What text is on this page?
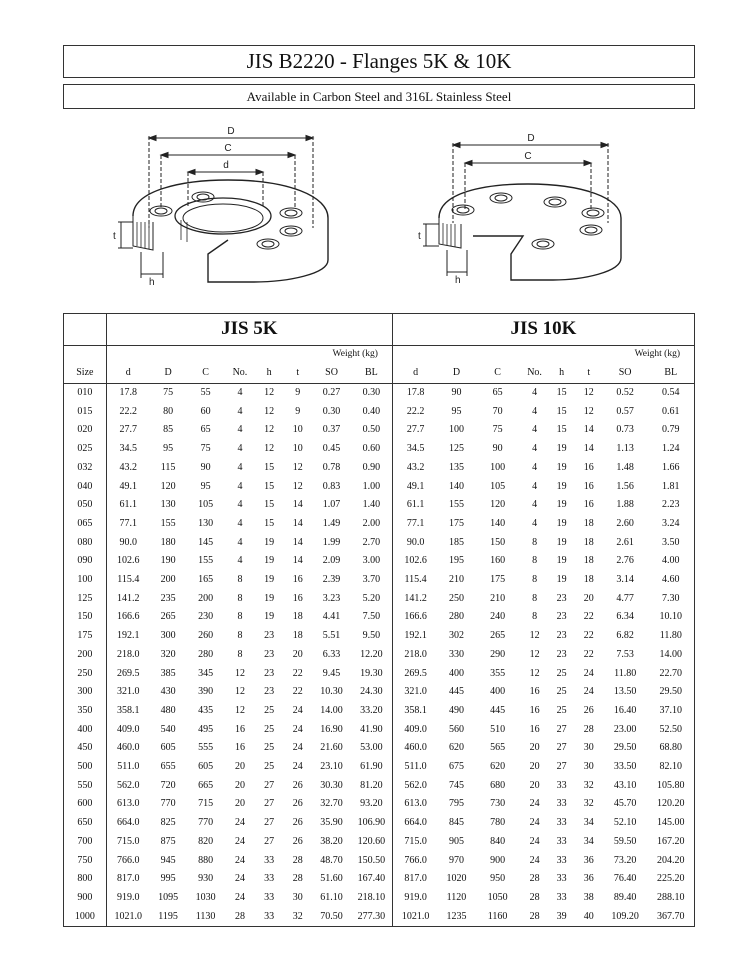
JIS B2220 - Flanges 5K & 10K
Available in Carbon Steel and 316L Stainless Steel
D
C
d
t
h
D
C
t
h
	JIS 5K								JIS 10K							
	Weight (kg)								Weight (kg)							
Size	d	D	C	No.	h	t	SO	BL	d	D	C	No.	h	t	SO	BL
010	17.8	75	55	4	12	9	0.27	0.30	17.8	90	65	4	15	12	0.52	0.54
015	22.2	80	60	4	12	9	0.30	0.40	22.2	95	70	4	15	12	0.57	0.61
020	27.7	85	65	4	12	10	0.37	0.50	27.7	100	75	4	15	14	0.73	0.79
025	34.5	95	75	4	12	10	0.45	0.60	34.5	125	90	4	19	14	1.13	1.24
032	43.2	115	90	4	15	12	0.78	0.90	43.2	135	100	4	19	16	1.48	1.66
040	49.1	120	95	4	15	12	0.83	1.00	49.1	140	105	4	19	16	1.56	1.81
050	61.1	130	105	4	15	14	1.07	1.40	61.1	155	120	4	19	16	1.88	2.23
065	77.1	155	130	4	15	14	1.49	2.00	77.1	175	140	4	19	18	2.60	3.24
080	90.0	180	145	4	19	14	1.99	2.70	90.0	185	150	8	19	18	2.61	3.50
090	102.6	190	155	4	19	14	2.09	3.00	102.6	195	160	8	19	18	2.76	4.00
100	115.4	200	165	8	19	16	2.39	3.70	115.4	210	175	8	19	18	3.14	4.60
125	141.2	235	200	8	19	16	3.23	5.20	141.2	250	210	8	23	20	4.77	7.30
150	166.6	265	230	8	19	18	4.41	7.50	166.6	280	240	8	23	22	6.34	10.10
175	192.1	300	260	8	23	18	5.51	9.50	192.1	302	265	12	23	22	6.82	11.80
200	218.0	320	280	8	23	20	6.33	12.20	218.0	330	290	12	23	22	7.53	14.00
250	269.5	385	345	12	23	22	9.45	19.30	269.5	400	355	12	25	24	11.80	22.70
300	321.0	430	390	12	23	22	10.30	24.30	321.0	445	400	16	25	24	13.50	29.50
350	358.1	480	435	12	25	24	14.00	33.20	358.1	490	445	16	25	26	16.40	37.10
400	409.0	540	495	16	25	24	16.90	41.90	409.0	560	510	16	27	28	23.00	52.50
450	460.0	605	555	16	25	24	21.60	53.00	460.0	620	565	20	27	30	29.50	68.80
500	511.0	655	605	20	25	24	23.10	61.90	511.0	675	620	20	27	30	33.50	82.10
550	562.0	720	665	20	27	26	30.30	81.20	562.0	745	680	20	33	32	43.10	105.80
600	613.0	770	715	20	27	26	32.70	93.20	613.0	795	730	24	33	32	45.70	120.20
650	664.0	825	770	24	27	26	35.90	106.90	664.0	845	780	24	33	34	52.10	145.00
700	715.0	875	820	24	27	26	38.20	120.60	715.0	905	840	24	33	34	59.50	167.20
750	766.0	945	880	24	33	28	48.70	150.50	766.0	970	900	24	33	36	73.20	204.20
800	817.0	995	930	24	33	28	51.60	167.40	817.0	1020	950	28	33	36	76.40	225.20
900	919.0	1095	1030	24	33	30	61.10	218.10	919.0	1120	1050	28	33	38	89.40	288.10
1000	1021.0	1195	1130	28	33	32	70.50	277.30	1021.0	1235	1160	28	39	40	109.20	367.70
